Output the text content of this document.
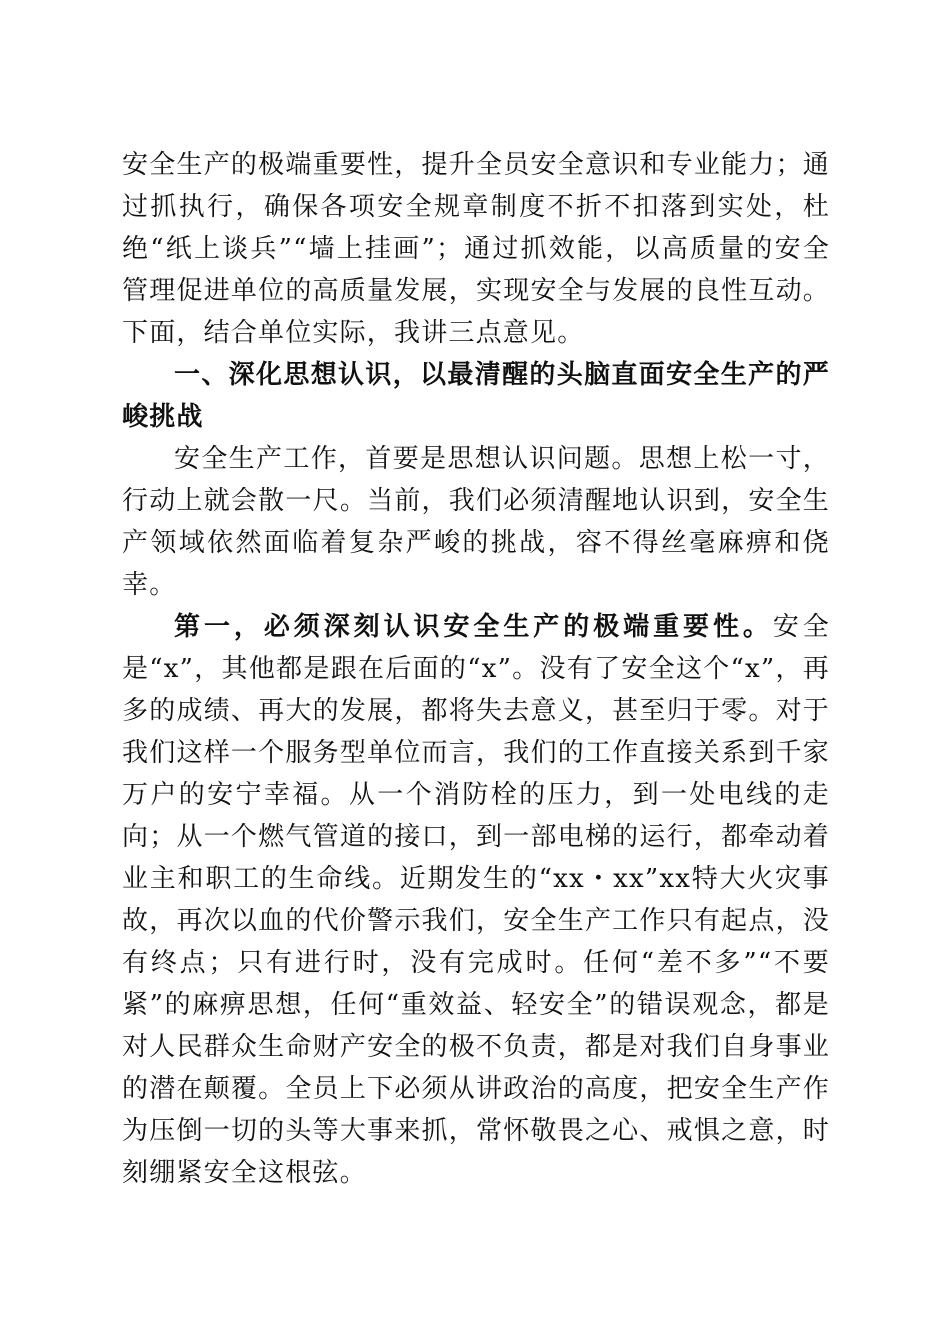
安全生产的极端重要性，提升全员安全意识和专业能力；通过抓执行，确保各项安全规章制度不折不扣落到实处，杜绝“纸上谈兵”“墙上挂画”；通过抓效能，以高质量的安全管理促进单位的高质量发展，实现安全与发展的良性互动。下面，结合单位实际，我讲三点意见。

一、深化思想认识，以最清醒的头脑直面安全生产的严峻挑战

安全生产工作，首要是思想认识问题。思想上松一寸，行动上就会散一尺。当前，我们必须清醒地认识到，安全生产领域依然面临着复杂严峻的挑战，容不得丝毫麻痹和侥幸。

第一，必须深刻认识安全生产的极端重要性。安全是“x”，其他都是跟在后面的“x”。没有了安全这个“x”，再多的成绩、再大的发展，都将失去意义，甚至归于零。对于我们这样一个服务型单位而言，我们的工作直接关系到千家万户的安宁幸福。从一个消防栓的压力，到一处电线的走向；从一个燃气管道的接口，到一部电梯的运行，都牵动着业主和职工的生命线。近期发生的“xx・xx”xx特大火灾事故，再次以血的代价警示我们，安全生产工作只有起点，没有终点；只有进行时，没有完成时。任何“差不多”“不要紧”的麻痹思想，任何“重效益、轻安全”的错误观念，都是对人民群众生命财产安全的极不负责，都是对我们自身事业的潜在颠覆。全员上下必须从讲政治的高度，把安全生产作为压倒一切的头等大事来抓，常怀敬畏之心、戒惧之意，时刻绷紧安全这根弦。
